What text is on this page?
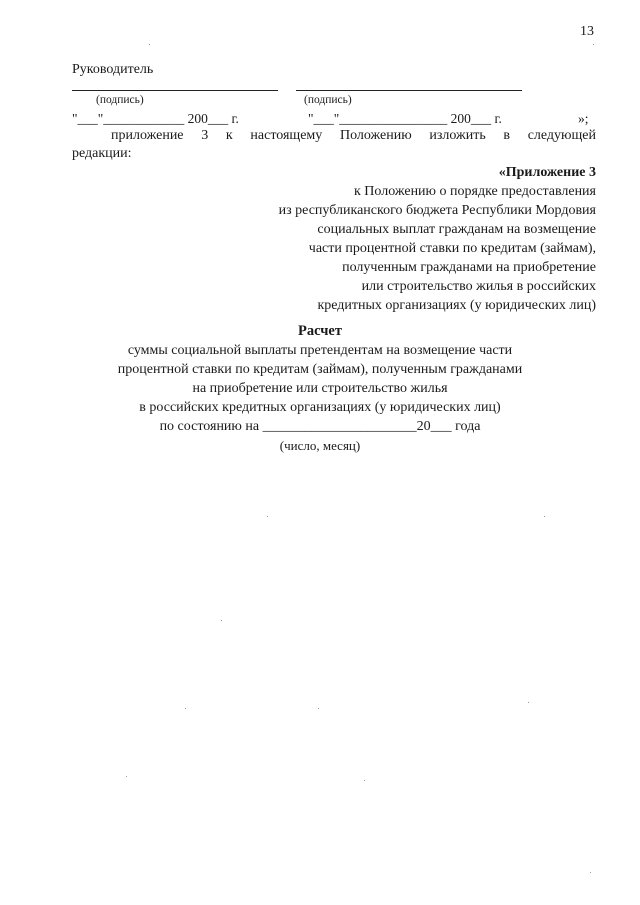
13
Руководитель
(подпись)	(подпись)
"___"____________ 200___ г.	"___"________________ 200___ г.	»;
приложение 3 к настоящему Положению изложить в следующей
редакции:
«Приложение 3
к Положению о порядке предоставления
из республиканского бюджета Республики Мордовия
социальных выплат гражданам на возмещение
части процентной ставки по кредитам (займам),
полученным гражданами на приобретение
или строительство жилья в российских
кредитных организациях (у юридических лиц)
Расчет
суммы социальной выплаты претендентам на возмещение части
процентной ставки по кредитам (займам), полученным гражданами
на приобретение или строительство жилья
в российских кредитных организациях (у юридических лиц)
по состоянию на ______________________20___ года
(число, месяц)
